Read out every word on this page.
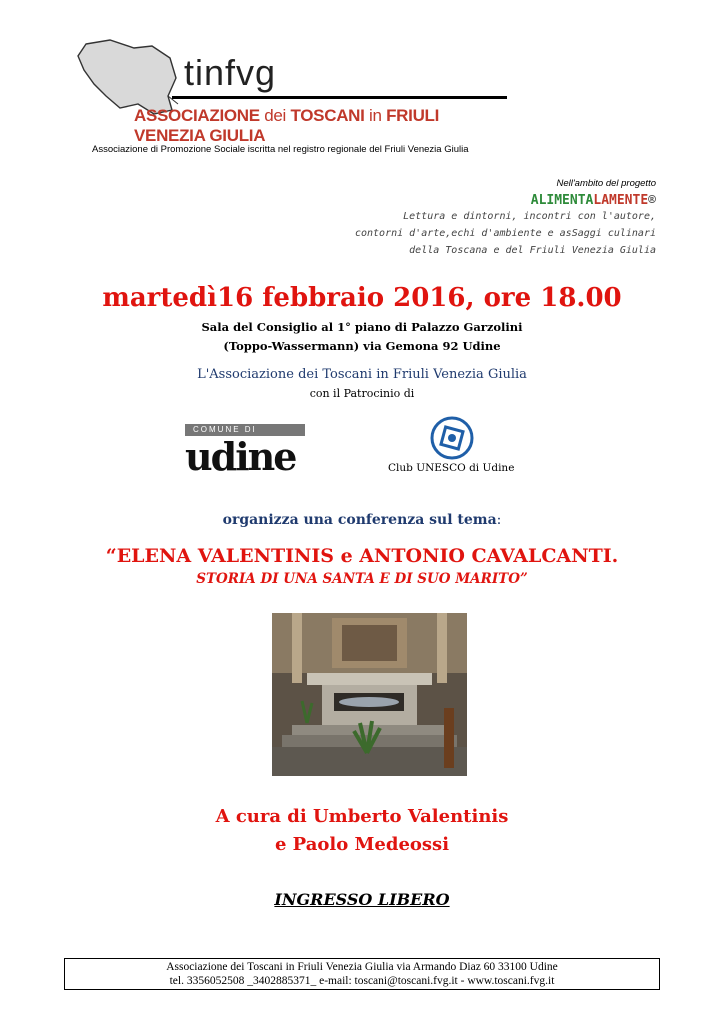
tinfvg
ASSOCIAZIONE dei TOSCANI in FRIULI VENEZIA GIULIA
Associazione di Promozione Sociale iscritta nel registro regionale del Friuli Venezia Giulia
Nell'ambito del progetto
ALIMENTALAMENTE®
Lettura e dintorni, incontri con l'autore,
contorni d'arte,echi d'ambiente e asSaggi culinari
della Toscana e del Friuli Venezia Giulia
martedì16 febbraio 2016, ore 18.00
Sala del Consiglio al 1° piano di Palazzo Garzolini
(Toppo-Wassermann) via Gemona 92 Udine
L'Associazione dei Toscani in Friuli Venezia Giulia
con il Patrocinio di
COMUNE DI
udine	Club UNESCO di Udine
organizza una conferenza sul tema:
“ELENA VALENTINIS e ANTONIO CAVALCANTI.
STORIA DI UNA SANTA E DI SUO MARITO”
A cura di Umberto Valentinis
e Paolo Medeossi
INGRESSO LIBERO
Associazione dei Toscani in Friuli Venezia Giulia via Armando Diaz 60 33100 Udine
tel. 3356052508 _3402885371_ e-mail: toscani@toscani.fvg.it - www.toscani.fvg.it
